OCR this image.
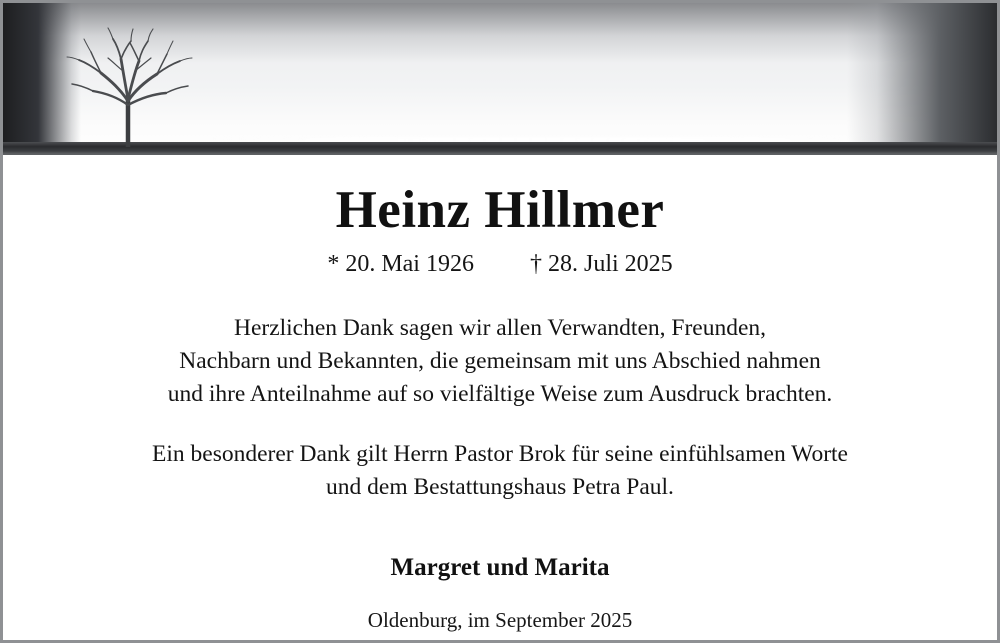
Heinz Hillmer
* 20. Mai 1926 † 28. Juli 2025

Herzlichen Dank sagen wir allen Verwandten, Freunden,

Nachbarn und Bekannten, die gemeinsam mit uns Abschied nahmen

und ihre Anteilnahme auf so vielfältige Weise zum Ausdruck brachten.

Ein besonderer Dank gilt Herrn Pastor Brok für seine einfühlsamen Worte

und dem Bestattungshaus Petra Paul.

Margret und Marita
Oldenburg, im September 2025
